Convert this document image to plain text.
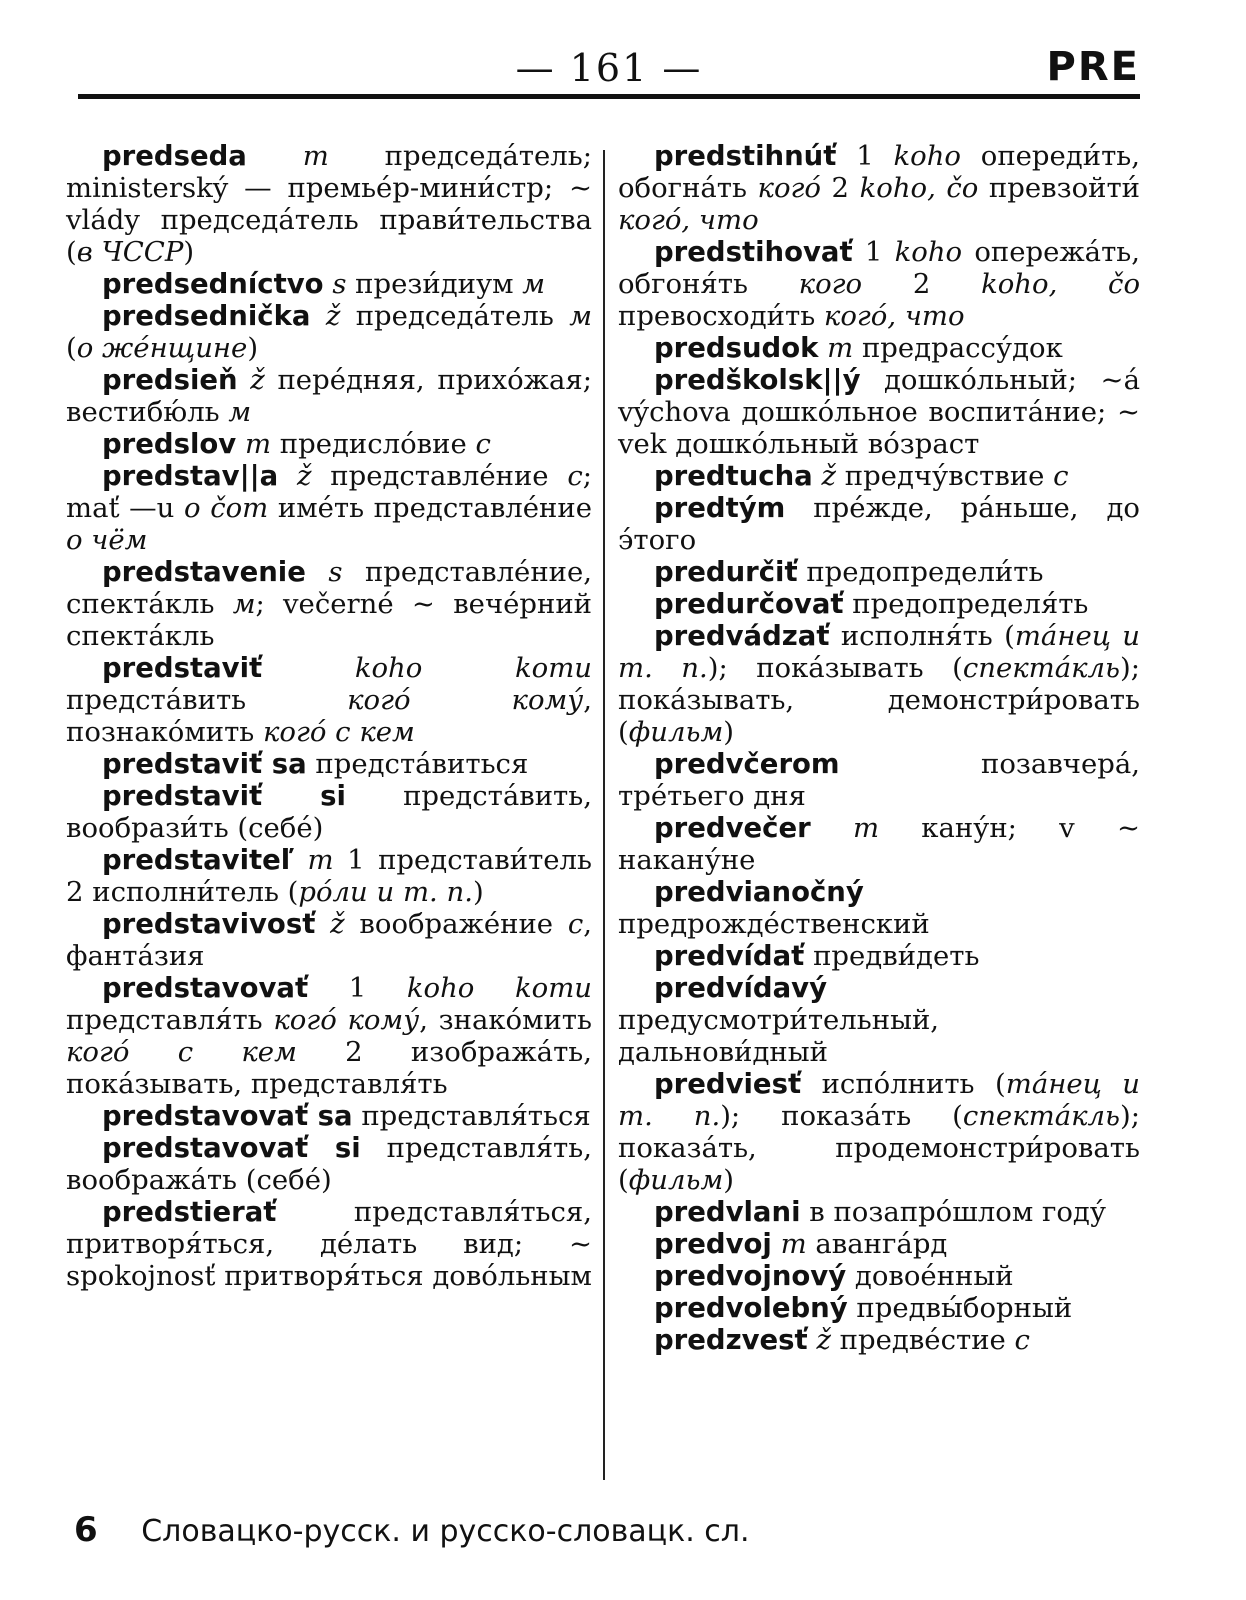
— 161 —	PRE

predseda m председа́тель; ministerský — премье́р-мини́стр; ~ vlády председа́тель прави́тельства (в ЧССР)

predsedníctvo s прези́диум м

predsednička ž председа́тель м (о же́нщине)

predsieň ž пере́дняя, прихо́жая; вестибю́ль м

predslov m предисло́вие с

predstav||a ž представле́ние с; mať —u o čom име́ть представле́ние о чём

predstavenie s представле́ние, спекта́кль м; večerné ~ вече́рний спекта́кль

predstaviť	koho komu предста́вить кого́ кому́, познако́мить кого́ с кем

predstaviť sa предста́виться

predstaviť si предста́вить, вообрази́ть (себе́)

predstaviteľ m 1 представи́тель 2 исполни́тель (ро́ли и т. п.)

predstavivosť ž воображе́ние с, фанта́зия

predstavovať 1 koho komu представля́ть кого́ кому́, знако́мить кого́ с кем 2 изобража́ть, пока́зывать, представля́ть

predstavovať sa представля́ться

predstavovať si представля́ть, вообража́ть (себе́)

predstierať представля́ться, притворя́ться, де́лать вид; ~ spokojnosť притворя́ться дово́льным

predstihnúť 1 koho опереди́ть, обогна́ть кого́ 2 koho, čo превзойти́ кого́, что

predstihovať 1 koho опережа́ть, обгоня́ть кого 2 koho, čo превосходи́ть кого́, что

predsudok m предрассу́док

predškolsk||ý дошко́льный; ~á výchova дошко́льное воспита́ние; ~ vek дошко́льный во́зраст

predtucha ž предчу́вствие с

predtým пре́жде, ра́ньше, до э́того

predurčiť предопредели́ть

predurčovať предопределя́ть

predvádzať исполня́ть (та́нец и т. п.); пока́зывать (спекта́кль); пока́зывать, демонстри́ровать (фильм)

predvčerom позавчера́, тре́тьего дня

predvečer m кану́н; v ~ накану́не

predvianočný предрожде́ственский

predvídať предви́деть

predvídavý предусмотри́тельный, дальнови́дный

predviesť испо́лнить (та́нец и т. п.); показа́ть (спекта́кль); показа́ть, продемонстри́ровать (фильм)

predvlani в позапро́шлом году́

predvoj m аванга́рд

predvojnový довое́нный

predvolebný предвы́борный

predzvesť ž предве́стие с

6 Словацко-русск. и русско-словацк. сл.
